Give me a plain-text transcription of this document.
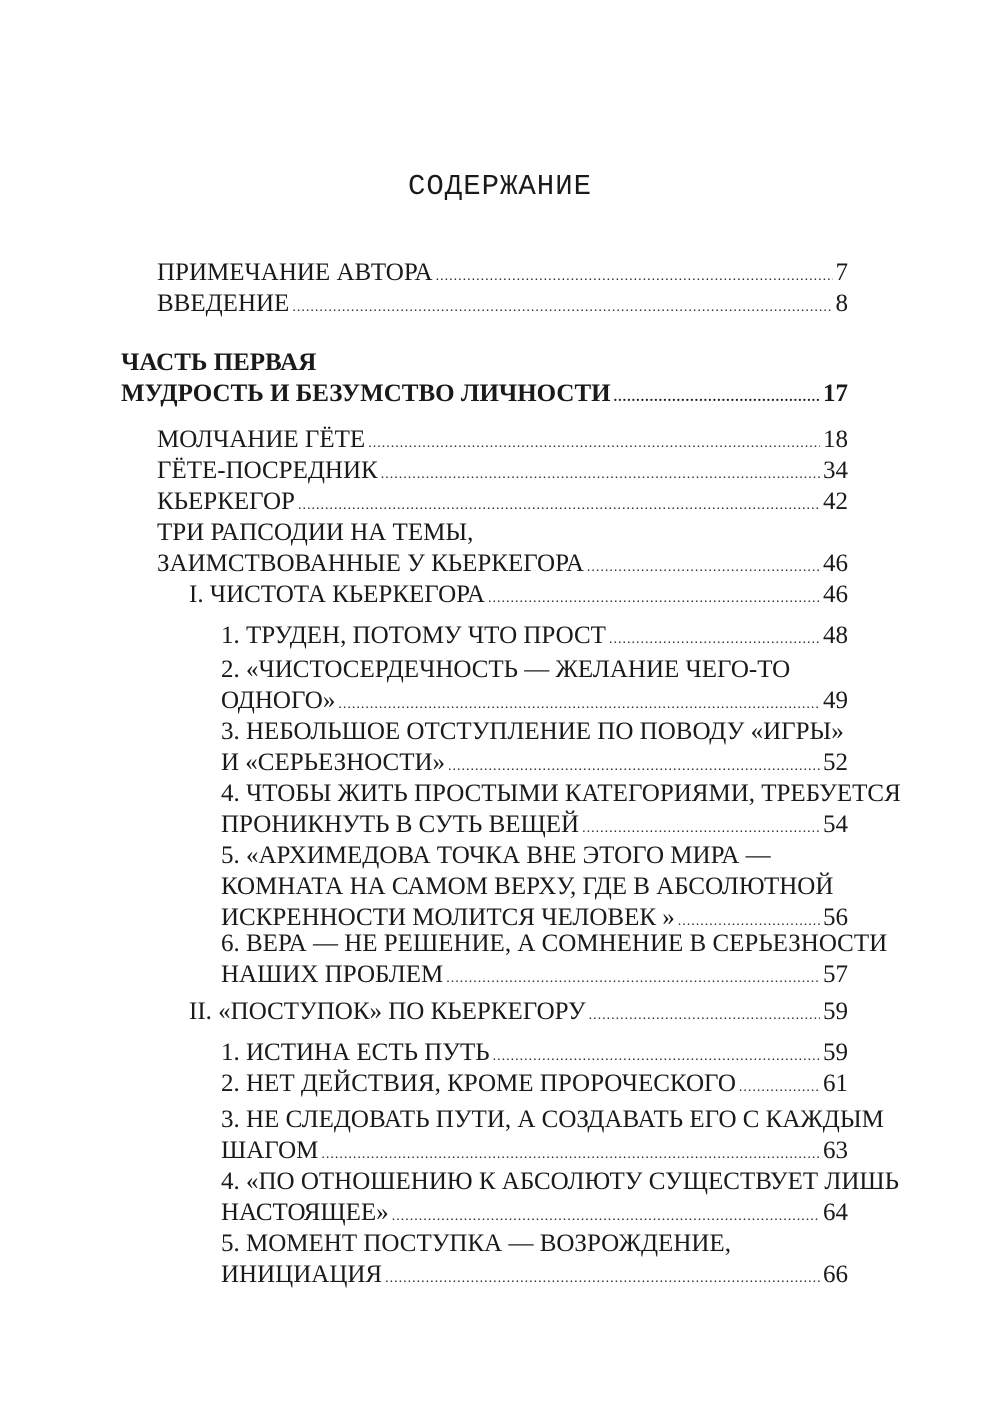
СОДЕРЖАНИЕ
ПРИМЕЧАНИЕ АВТОРА .....	7
ВВЕДЕНИЕ .....	8
ЧАСТЬ ПЕРВАЯ
МУДРОСТЬ И БЕЗУМСТВО ЛИЧНОСТИ .....	17
МОЛЧАНИЕ ГЁТЕ .....	18
ГЁТЕ-ПОСРЕДНИК .....	34
КЬЕРКЕГОР .....	42
ТРИ РАПСОДИИ НА ТЕМЫ,
ЗАИМСТВОВАННЫЕ У КЬЕРКЕГОРА .....	46
I. ЧИСТОТА КЬЕРКЕГОРА .....	46
1. ТРУДЕН, ПОТОМУ ЧТО ПРОСТ .....	48
2. «ЧИСТОСЕРДЕЧНОСТЬ — ЖЕЛАНИЕ ЧЕГО-ТО
ОДНОГО» .....	49
3. НЕБОЛЬШОЕ ОТСТУПЛЕНИЕ ПО ПОВОДУ «ИГРЫ»
И «СЕРЬЕЗНОСТИ» .....	52
4. ЧТОБЫ ЖИТЬ ПРОСТЫМИ КАТЕГОРИЯМИ, ТРЕБУЕТСЯ
ПРОНИКНУТЬ В СУТЬ ВЕЩЕЙ .....	54
5. «АРХИМЕДОВА ТОЧКА ВНЕ ЭТОГО МИРА —
КОМНАТА НА САМОМ ВЕРХУ, ГДЕ В АБСОЛЮТНОЙ
ИСКРЕННОСТИ МОЛИТСЯ ЧЕЛОВЕК » .....	56
6. ВЕРА — НЕ РЕШЕНИЕ, А СОМНЕНИЕ В СЕРЬЕЗНОСТИ
НАШИХ ПРОБЛЕМ .....	57
II. «ПОСТУПОК» ПО КЬЕРКЕГОРУ .....	59
1. ИСТИНА ЕСТЬ ПУТЬ .....	59
2. НЕТ ДЕЙСТВИЯ, КРОМЕ ПРОРОЧЕСКОГО .....	61
3. НЕ СЛЕДОВАТЬ ПУТИ, А СОЗДАВАТЬ ЕГО С КАЖДЫМ
ШАГОМ .....	63
4. «ПО ОТНОШЕНИЮ К АБСОЛЮТУ СУЩЕСТВУЕТ ЛИШЬ
НАСТОЯЩЕЕ» .....	64
5. МОМЕНТ ПОСТУПКА — ВОЗРОЖДЕНИЕ,
ИНИЦИАЦИЯ .....	66
